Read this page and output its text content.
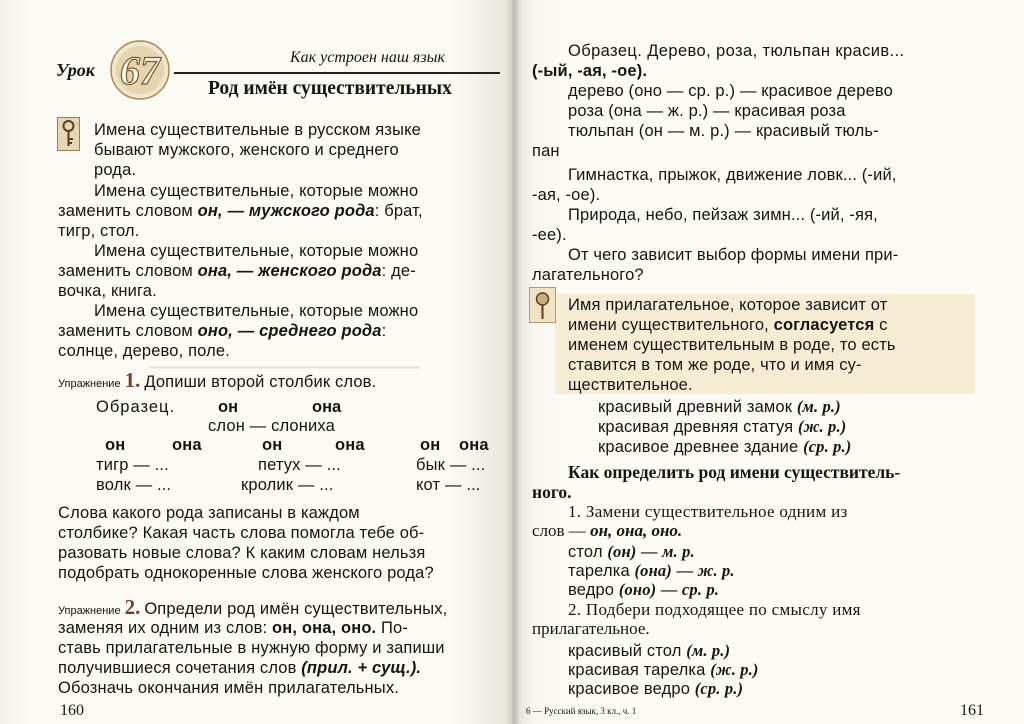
▁▁▁▁▁▁▁▁▁▁▁▁▁▁▁▁▁▁▁▁▁▁▁▁▁
Урок 67	Как устроен наш язык
Род имён существительных
Имена существительные в русском языке
бывают мужского, женского и среднего
рода.
Имена существительные, которые можно
заменить словом он, — мужского рода: брат,
тигр, стол.
Имена существительные, которые можно
заменить словом она, — женского рода: де-
вочка, книга.
Имена существительные, которые можно
заменить словом оно, — среднего рода:
солнце, дерево, поле.
Упражнение 1. Допиши второй столбик слов.
Образец.	он	она
слон — слониха
он	она	он	она	он она
тигр — ...	петух — ...	бык — ...
волк — ...	кролик — ...	кот — ...
Слова какого рода записаны в каждом
столбике? Какая часть слова помогла тебе об-
разовать новые слова? К каким словам нельзя
подобрать однокоренные слова женского рода?
Упражнение 2. Определи род имён существительных,
заменяя их одним из слов: он, она, оно. По-
ставь прилагательные в нужную форму и запиши
получившиеся сочетания слов (прил. + сущ.).
Обозначь окончания имён прилагательных.
160
Образец. Дерево, роза, тюльпан красив...
(-ый, -ая, -ое).
дерево (оно — ср. р.) — красивое дерево
роза (она — ж. р.) — красивая роза
тюльпан (он — м. р.) — красивый тюль-
пан
Гимнастка, прыжок, движение ловк... (-ий,
-ая, -ое).
Природа, небо, пейзаж зимн... (-ий, -яя,
-ее).
От чего зависит выбор формы имени при-
лагательного?
Имя прилагательное, которое зависит от
имени существительного, согласуется с
именем существительным в роде, то есть
ставится в том же роде, что и имя су-
ществительное.
красивый древний замок (м. р.)
красивая древняя статуя (ж. р.)
красивое древнее здание (ср. р.)
Как определить род имени существитель-
ного.
1. Замени существительное одним из
слов — он, она, оно.
стол (он) — м. р.
тарелка (она) — ж. р.
ведро (оно) — ср. р.
2. Подбери подходящее по смыслу имя
прилагательное.
красивый стол (м. р.)
красивая тарелка (ж. р.)
красивое ведро (ср. р.)
6 — Русский язык, 3 кл., ч. 1	161
